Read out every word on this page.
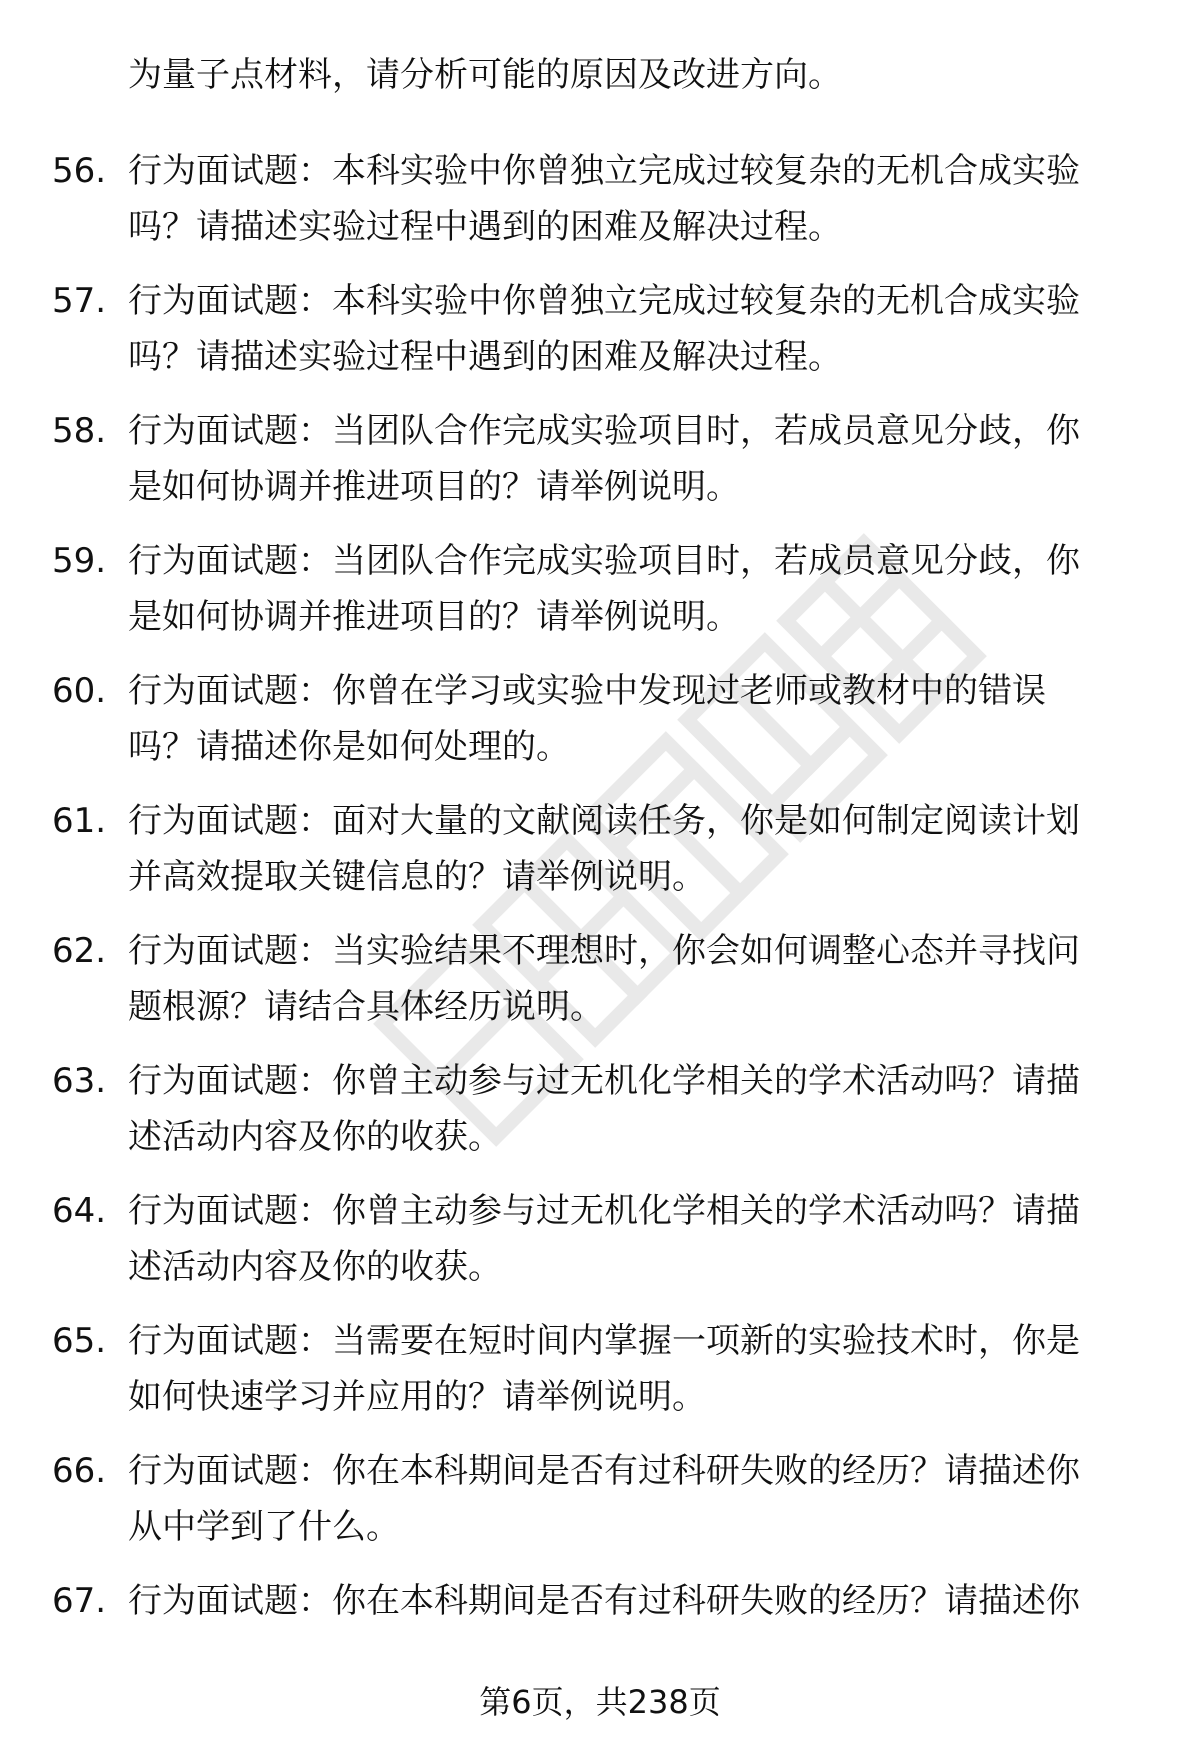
为量子点材料，请分析可能的原因及改进方向。
56. 行为面试题：本科实验中你曾独立完成过较复杂的无机合成实验
吗？请描述实验过程中遇到的困难及解决过程。
57. 行为面试题：本科实验中你曾独立完成过较复杂的无机合成实验
吗？请描述实验过程中遇到的困难及解决过程。
58. 行为面试题：当团队合作完成实验项目时，若成员意见分歧，你
是如何协调并推进项目的？请举例说明。
59. 行为面试题：当团队合作完成实验项目时，若成员意见分歧，你
是如何协调并推进项目的？请举例说明。
60. 行为面试题：你曾在学习或实验中发现过老师或教材中的错误
吗？请描述你是如何处理的。
61. 行为面试题：面对大量的文献阅读任务，你是如何制定阅读计划
并高效提取关键信息的？请举例说明。
62. 行为面试题：当实验结果不理想时，你会如何调整心态并寻找问
题根源？请结合具体经历说明。
63. 行为面试题：你曾主动参与过无机化学相关的学术活动吗？请描
述活动内容及你的收获。
64. 行为面试题：你曾主动参与过无机化学相关的学术活动吗？请描
述活动内容及你的收获。
65. 行为面试题：当需要在短时间内掌握一项新的实验技术时，你是
如何快速学习并应用的？请举例说明。
66. 行为面试题：你在本科期间是否有过科研失败的经历？请描述你
从中学到了什么。
67. 行为面试题：你在本科期间是否有过科研失败的经历？请描述你
第6页，共238页
